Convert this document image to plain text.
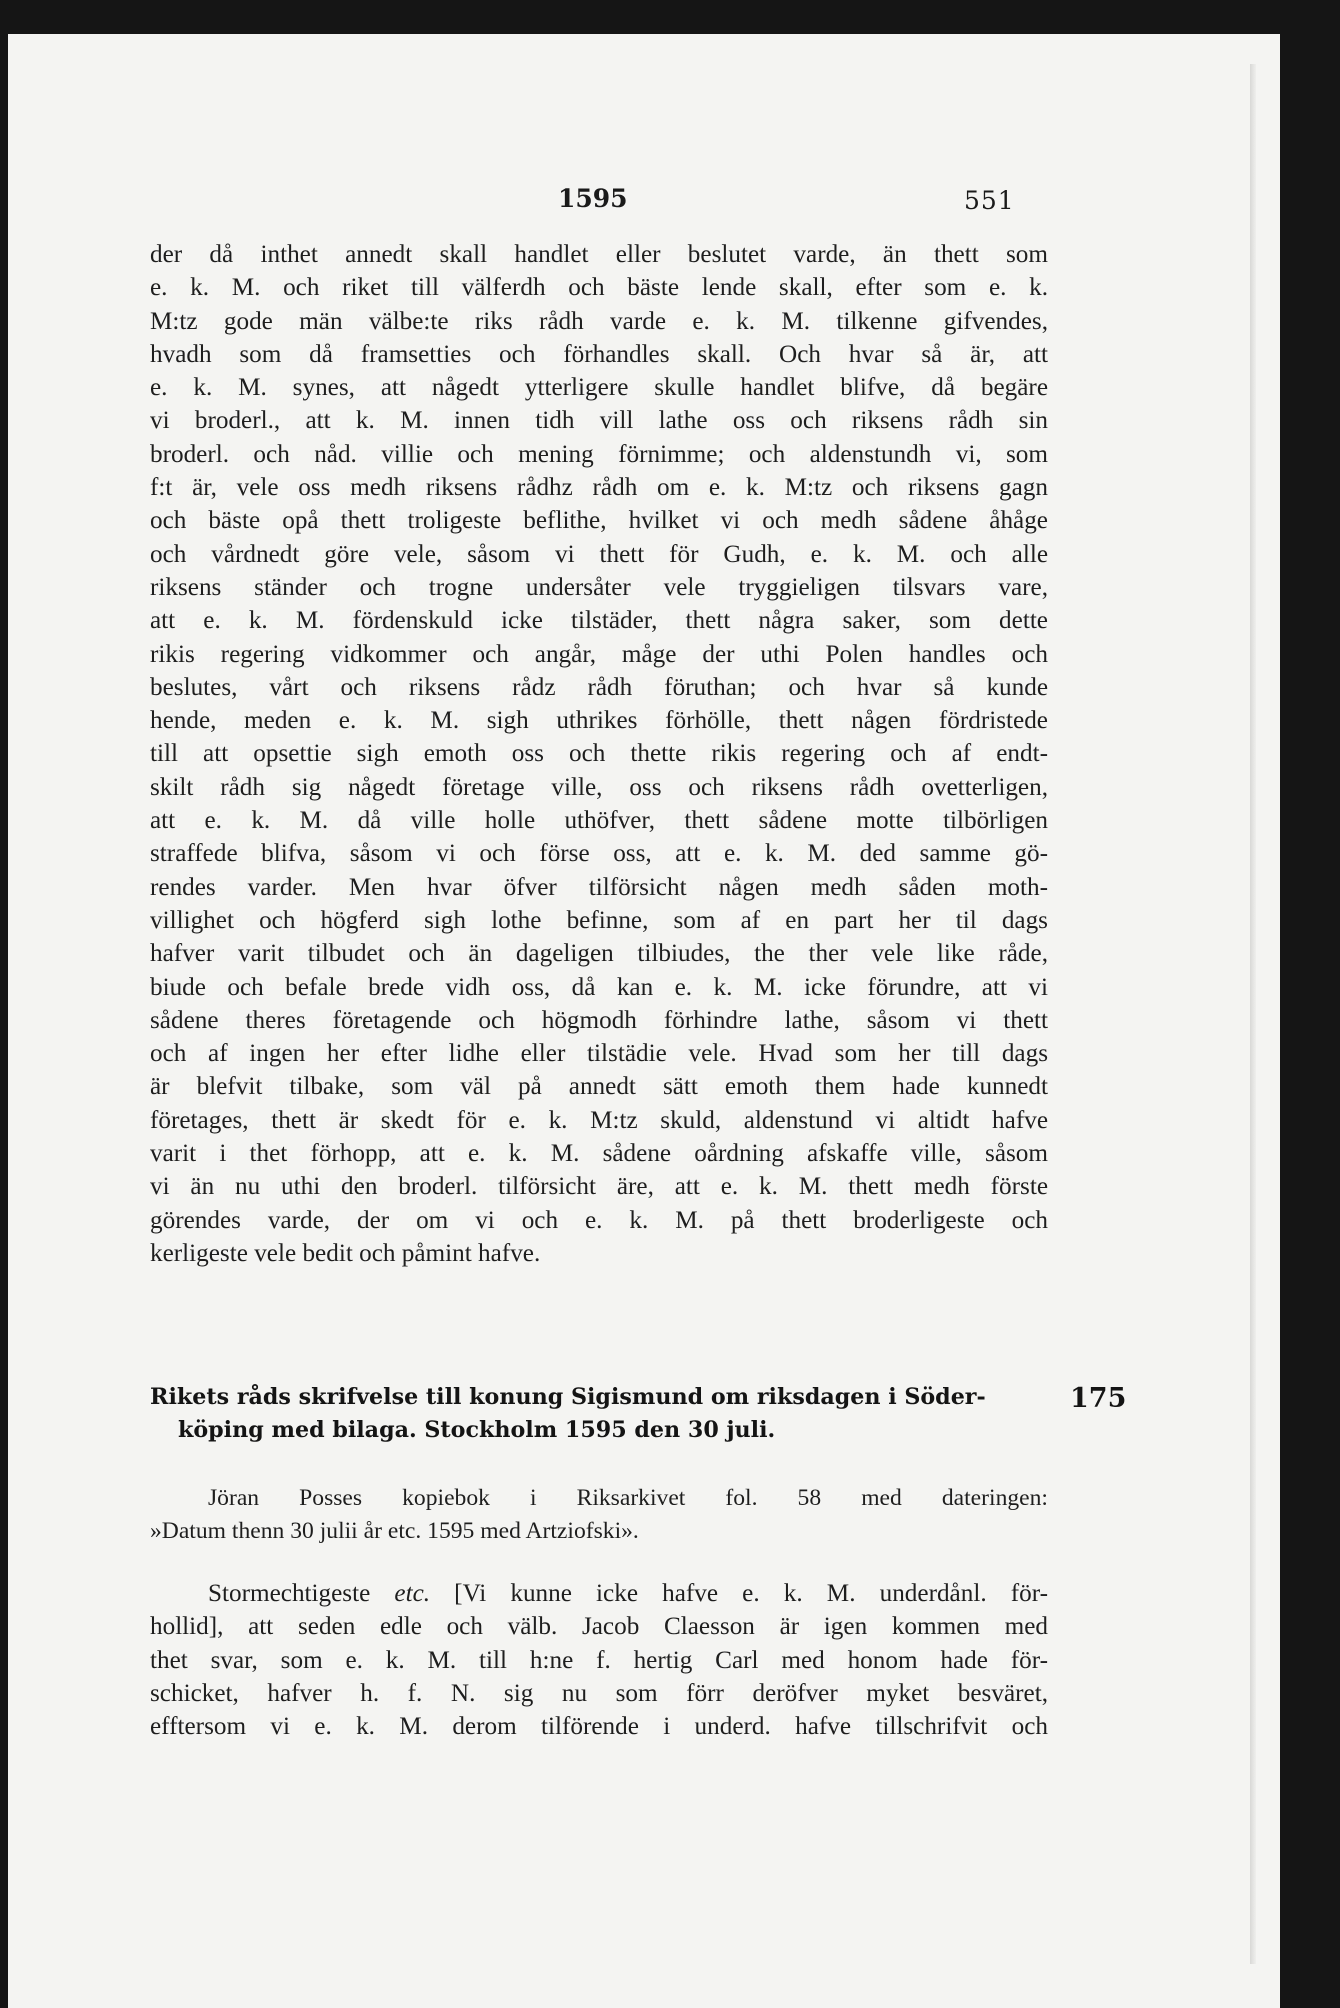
1595	551
der då inthet annedt skall handlet eller beslutet varde, än thett som
e. k. M. och riket till välferdh och bäste lende skall, efter som e. k.
M:tz gode män välbe:te riks rådh varde e. k. M. tilkenne gifvendes,
hvadh som då framsetties och förhandles skall. Och hvar så är, att
e. k. M. synes, att någedt ytterligere skulle handlet blifve, då begäre
vi broderl., att k. M. innen tidh vill lathe oss och riksens rådh sin
broderl. och nåd. villie och mening förnimme; och aldenstundh vi, som
f:t är, vele oss medh riksens rådhz rådh om e. k. M:tz och riksens gagn
och bäste opå thett troligeste beflithe, hvilket vi och medh sådene åhåge
och vårdnedt göre vele, såsom vi thett för Gudh, e. k. M. och alle
riksens ständer och trogne undersåter vele tryggieligen tilsvars vare,
att e. k. M. fördenskuld icke tilstäder, thett några saker, som dette
rikis regering vidkommer och angår, måge der uthi Polen handles och
beslutes, vårt och riksens rådz rådh föruthan; och hvar så kunde
hende, meden e. k. M. sigh uthrikes förhölle, thett någen fördristede
till att opsettie sigh emoth oss och thette rikis regering och af endt-
skilt rådh sig någedt företage ville, oss och riksens rådh ovetterligen,
att e. k. M. då ville holle uthöfver, thett sådene motte tilbörligen
straffede blifva, såsom vi och förse oss, att e. k. M. ded samme gö-
rendes varder. Men hvar öfver tilförsicht någen medh såden moth-
villighet och högferd sigh lothe befinne, som af en part her til dags
hafver varit tilbudet och än dageligen tilbiudes, the ther vele like råde,
biude och befale brede vidh oss, då kan e. k. M. icke förundre, att vi
sådene theres företagende och högmodh förhindre lathe, såsom vi thett
och af ingen her efter lidhe eller tilstädie vele. Hvad som her till dags
är blefvit tilbake, som väl på annedt sätt emoth them hade kunnedt
företages, thett är skedt för e. k. M:tz skuld, aldenstund vi altidt hafve
varit i thet förhopp, att e. k. M. sådene oårdning afskaffe ville, såsom
vi än nu uthi den broderl. tilförsicht äre, att e. k. M. thett medh förste
görendes varde, der om vi och e. k. M. på thett broderligeste och
kerligeste vele bedit och påmint hafve.
Rikets råds skrifvelse till konung Sigismund om riksdagen i Söder-
köping med bilaga. Stockholm 1595 den 30 juli.
175
Jöran Posses kopiebok i Riksarkivet fol. 58 med dateringen:
»Datum thenn 30 julii år etc. 1595 med Artziofski».
Stormechtigeste etc. [Vi kunne icke hafve e. k. M. underdånl. för-
hollid], att seden edle och välb. Jacob Claesson är igen kommen med
thet svar, som e. k. M. till h:ne f. hertig Carl med honom hade för-
schicket, hafver h. f. N. sig nu som förr deröfver myket besväret,
efftersom vi e. k. M. derom tilförende i underd. hafve tillschrifvit och
